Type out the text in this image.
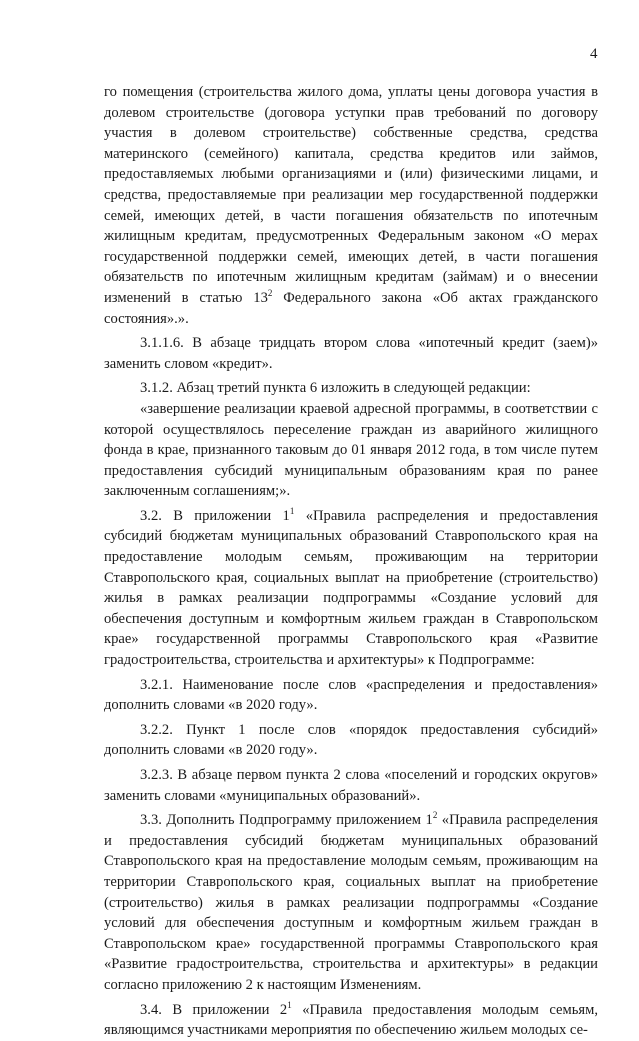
4

го помещения (строительства жилого дома, уплаты цены договора участия в долевом строительстве (договора уступки прав требований по договору участия в долевом строительстве) собственные средства, средства материнского (семейного) капитала, средства кредитов или займов, предоставляемых любыми организациями и (или) физическими лицами, и средства, предоставляемые при реализации мер государственной поддержки семей, имеющих детей, в части погашения обязательств по ипотечным жилищным кредитам, предусмотренных Федеральным законом «О мерах государственной поддержки семей, имеющих детей, в части погашения обязательств по ипотечным жилищным кредитам (займам) и о внесении изменений в статью $13^2$ Федерального закона «Об актах гражданского состояния».».

3.1.1.6. В абзаце тридцать втором слова «ипотечный кредит (заем)» заменить словом «кредит».

3.1.2. Абзац третий пункта 6 изложить в следующей редакции:

«завершение реализации краевой адресной программы, в соответствии с которой осуществлялось переселение граждан из аварийного жилищного фонда в крае, признанного таковым до 01 января 2012 года, в том числе путем предоставления субсидий муниципальным образованиям края по ранее заключенным соглашениям;».

3.2. В приложении $1^1$ «Правила распределения и предоставления субсидий бюджетам муниципальных образований Ставропольского края на предоставление молодым семьям, проживающим на территории Ставропольского края, социальных выплат на приобретение (строительство) жилья в рамках реализации подпрограммы «Создание условий для обеспечения доступным и комфортным жильем граждан в Ставропольском крае» государственной программы Ставропольского края «Развитие градостроительства, строительства и архитектуры» к Подпрограмме:

3.2.1. Наименование после слов «распределения и предоставления» дополнить словами «в 2020 году».

3.2.2. Пункт 1 после слов «порядок предоставления субсидий» дополнить словами «в 2020 году».

3.2.3. В абзаце первом пункта 2 слова «поселений и городских округов» заменить словами «муниципальных образований».

3.3. Дополнить Подпрограмму приложением $1^2$ «Правила распределения и предоставления субсидий бюджетам муниципальных образований Ставропольского края на предоставление молодым семьям, проживающим на территории Ставропольского края, социальных выплат на приобретение (строительство) жилья в рамках реализации подпрограммы «Создание условий для обеспечения доступным и комфортным жильем граждан в Ставропольском крае» государственной программы Ставропольского края «Развитие градостроительства, строительства и архитектуры» в редакции согласно приложению 2 к настоящим Изменениям.

3.4. В приложении $2^1$ «Правила предоставления молодым семьям, являющимся участниками мероприятия по обеспечению жильем молодых се-
